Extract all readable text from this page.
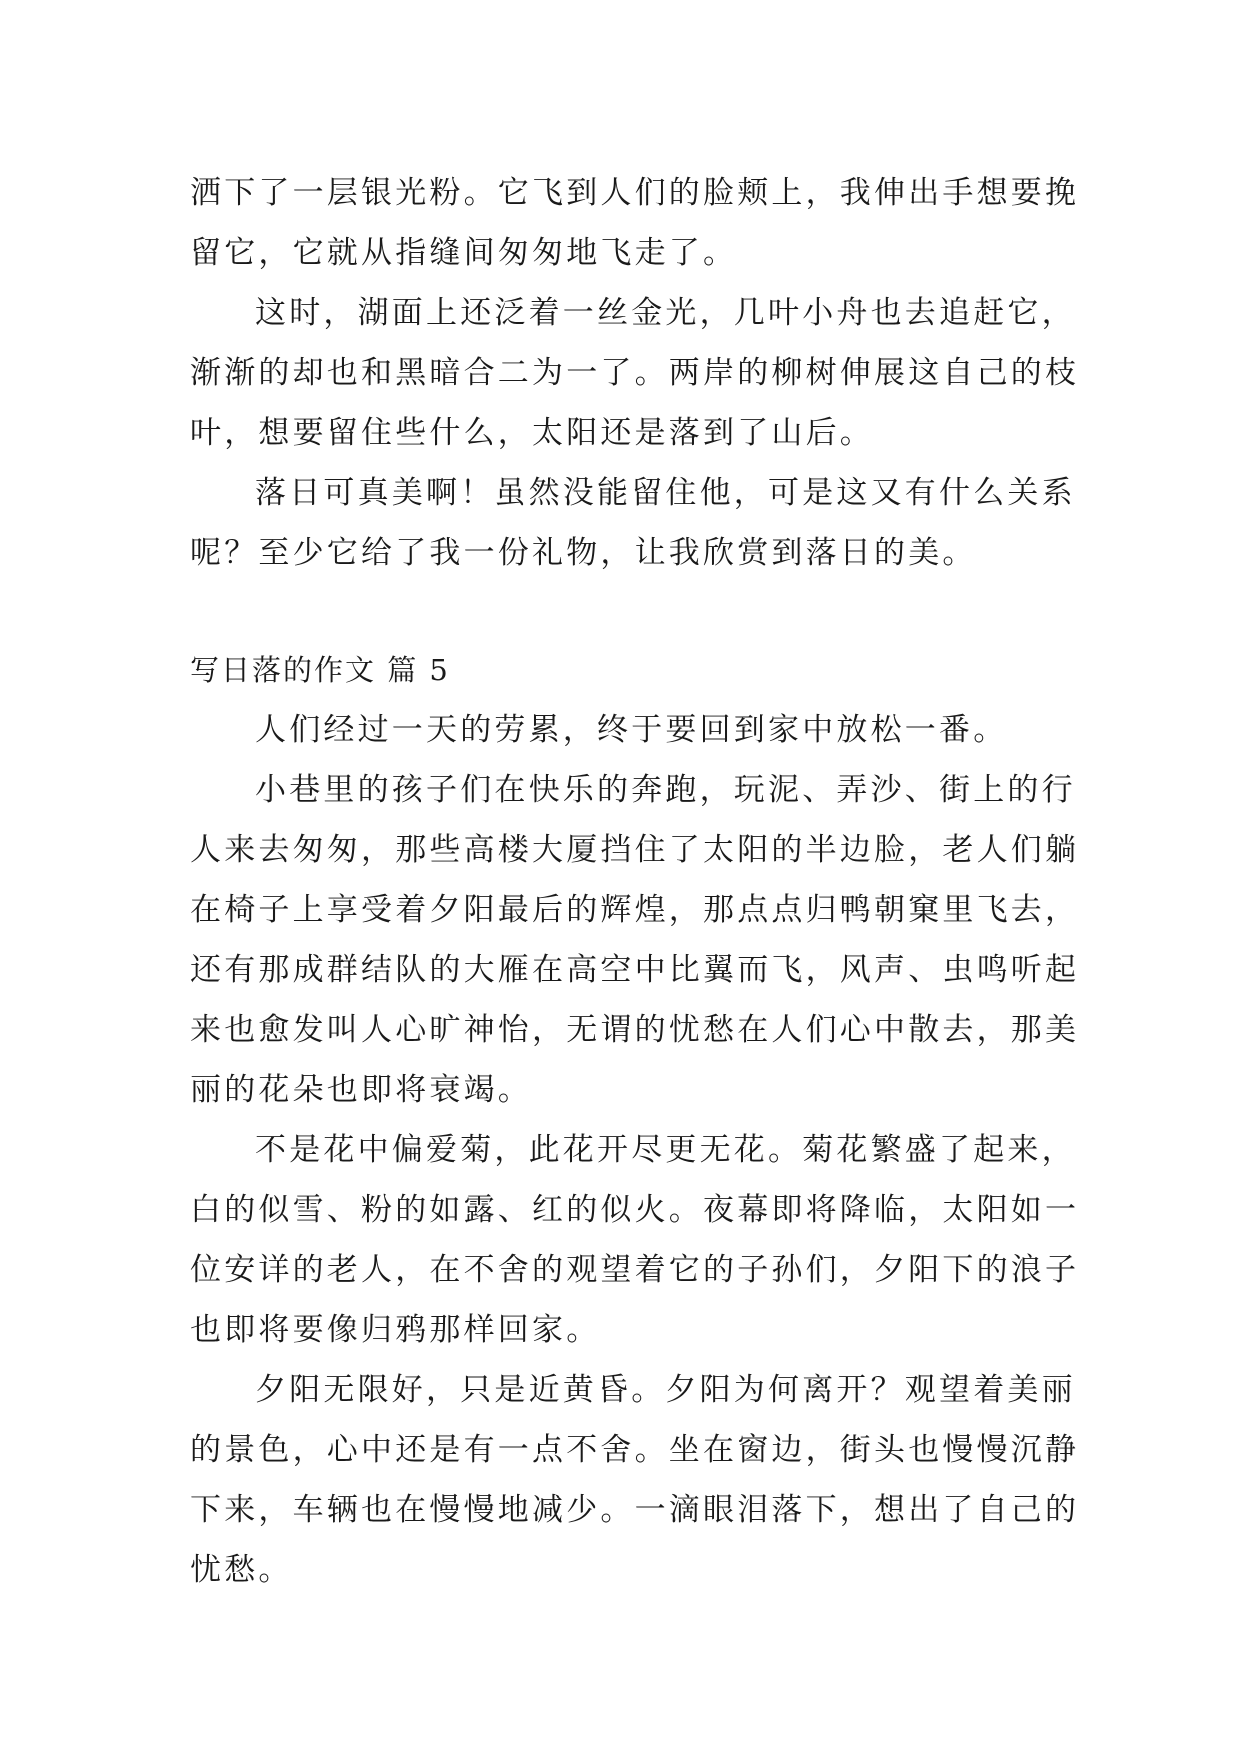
洒下了一层银光粉。它飞到人们的脸颊上，我伸出手想要挽
留它，它就从指缝间匆匆地飞走了。
这时，湖面上还泛着一丝金光，几叶小舟也去追赶它，
渐渐的却也和黑暗合二为一了。两岸的柳树伸展这自己的枝
叶，想要留住些什么，太阳还是落到了山后。
落日可真美啊！虽然没能留住他，可是这又有什么关系
呢？至少它给了我一份礼物，让我欣赏到落日的美。
写日落的作文 篇 5
人们经过一天的劳累，终于要回到家中放松一番。
小巷里的孩子们在快乐的奔跑，玩泥、弄沙、街上的行
人来去匆匆，那些高楼大厦挡住了太阳的半边脸，老人们躺
在椅子上享受着夕阳最后的辉煌，那点点归鸭朝窠里飞去，
还有那成群结队的大雁在高空中比翼而飞，风声、虫鸣听起
来也愈发叫人心旷神怡，无谓的忧愁在人们心中散去，那美
丽的花朵也即将衰竭。
不是花中偏爱菊，此花开尽更无花。菊花繁盛了起来，
白的似雪、粉的如露、红的似火。夜幕即将降临，太阳如一
位安详的老人，在不舍的观望着它的子孙们，夕阳下的浪子
也即将要像归鸦那样回家。
夕阳无限好，只是近黄昏。夕阳为何离开？观望着美丽
的景色，心中还是有一点不舍。坐在窗边，街头也慢慢沉静
下来，车辆也在慢慢地减少。一滴眼泪落下，想出了自己的
忧愁。
